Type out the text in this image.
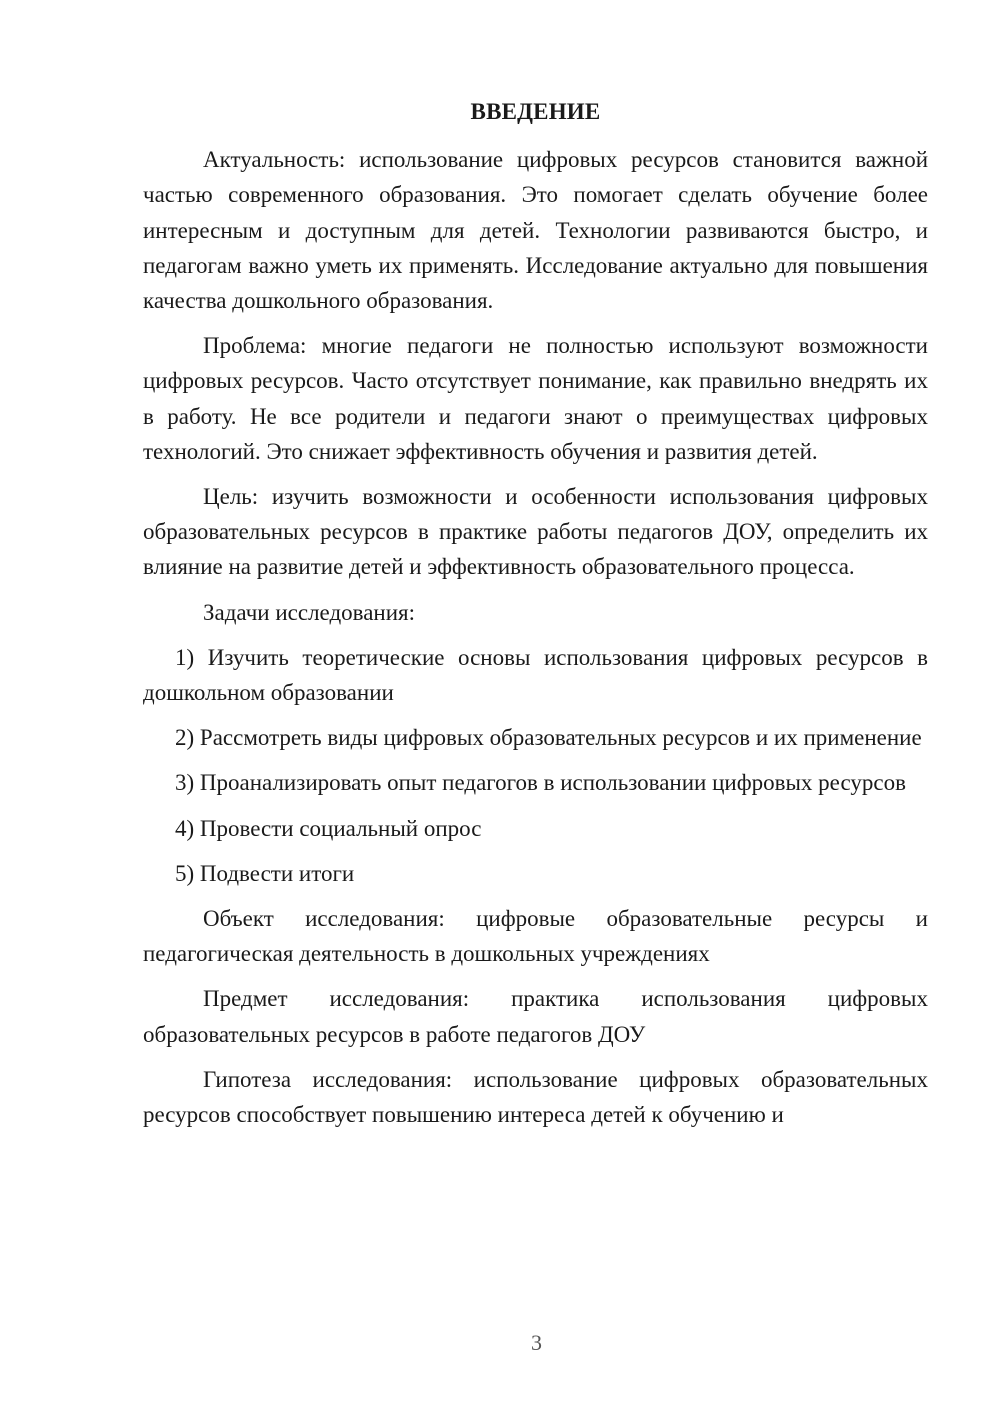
ВВЕДЕНИЕ
Актуальность: использование цифровых ресурсов становится важной частью современного образования. Это помогает сделать обучение более интересным и доступным для детей. Технологии развиваются быстро, и педагогам важно уметь их применять. Исследование актуально для повышения качества дошкольного образования.
Проблема: многие педагоги не полностью используют возможности цифровых ресурсов. Часто отсутствует понимание, как правильно внедрять их в работу. Не все родители и педагоги знают о преимуществах цифровых технологий. Это снижает эффективность обучения и развития детей.
Цель: изучить возможности и особенности использования цифровых образовательных ресурсов в практике работы педагогов ДОУ, определить их влияние на развитие детей и эффективность образовательного процесса.
Задачи исследования:
1) Изучить теоретические основы использования цифровых ресурсов в дошкольном образовании
2) Рассмотреть виды цифровых образовательных ресурсов и их применение
3) Проанализировать опыт педагогов в использовании цифровых ресурсов
4) Провести социальный опрос
5) Подвести итоги
Объект исследования: цифровые образовательные ресурсы и педагогическая деятельность в дошкольных учреждениях
Предмет исследования: практика использования цифровых образовательных ресурсов в работе педагогов ДОУ
Гипотеза исследования: использование цифровых образовательных ресурсов способствует повышению интереса детей к обучению и
3
